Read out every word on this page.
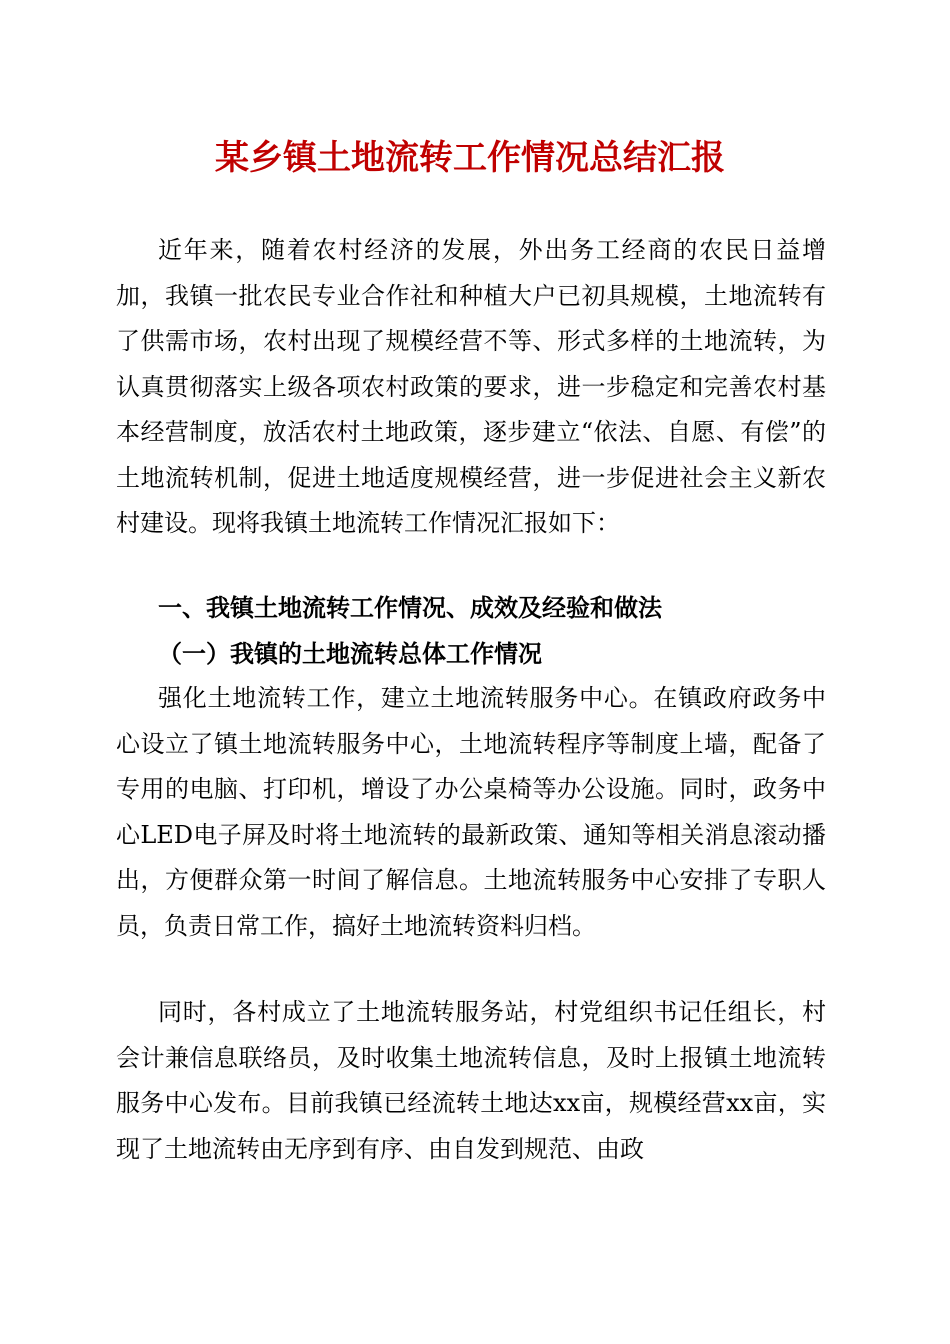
某乡镇土地流转工作情况总结汇报

近年来，随着农村经济的发展，外出务工经商的农民日益增加，我镇一批农民专业合作社和种植大户已初具规模，土地流转有了供需市场，农村出现了规模经营不等、形式多样的土地流转，为认真贯彻落实上级各项农村政策的要求，进一步稳定和完善农村基本经营制度，放活农村土地政策，逐步建立“依法、自愿、有偿”的土地流转机制，促进土地适度规模经营，进一步促进社会主义新农村建设。现将我镇土地流转工作情况汇报如下：

一、我镇土地流转工作情况、成效及经验和做法
（一）我镇的土地流转总体工作情况

强化土地流转工作，建立土地流转服务中心。在镇政府政务中心设立了镇土地流转服务中心，土地流转程序等制度上墙，配备了专用的电脑、打印机，增设了办公桌椅等办公设施。同时，政务中心LED电子屏及时将土地流转的最新政策、通知等相关消息滚动播出，方便群众第一时间了解信息。土地流转服务中心安排了专职人员，负责日常工作，搞好土地流转资料归档。

同时，各村成立了土地流转服务站，村党组织书记任组长，村会计兼信息联络员，及时收集土地流转信息，及时上报镇土地流转服务中心发布。目前我镇已经流转土地达xx亩，规模经营xx亩，实现了土地流转由无序到有序、由自发到规范、由政
